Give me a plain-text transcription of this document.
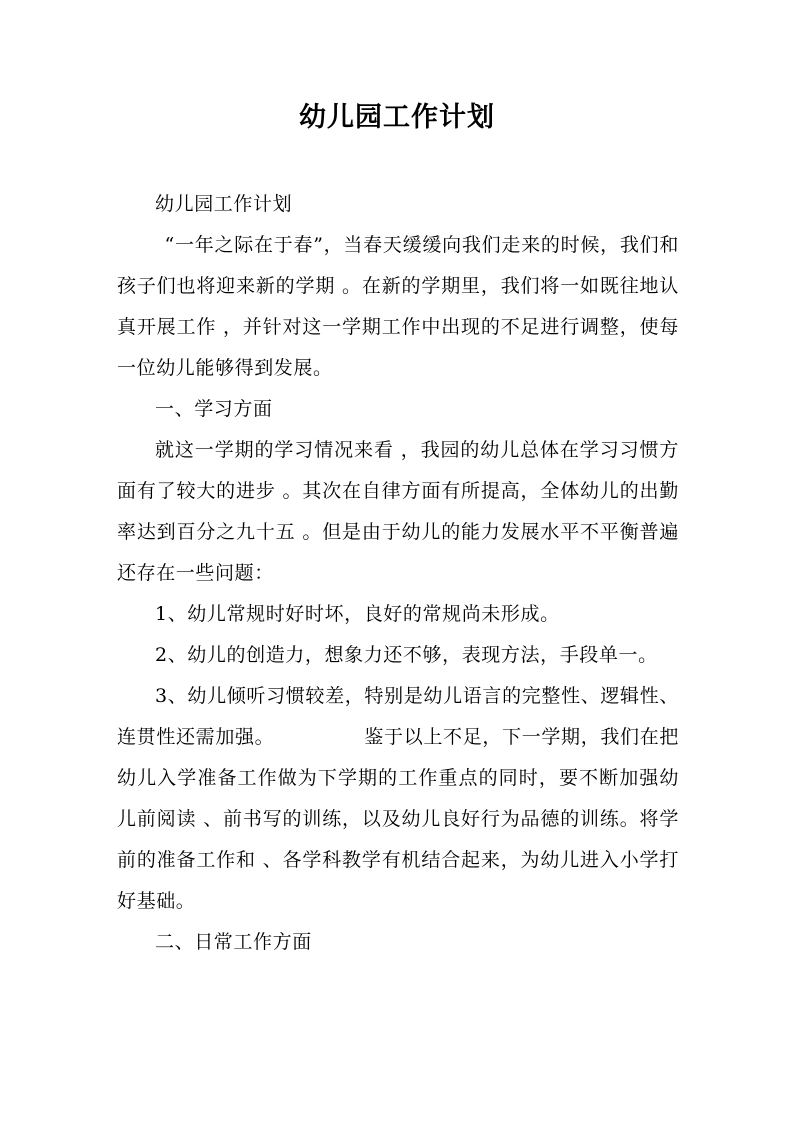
幼儿园工作计划

幼儿园工作计划

“一年之际在于春”，当春天缓缓向我们走来的时候，我们和孩子们也将迎来新的学期 。在新的学期里，我们将一如既往地认真开展工作 ，并针对这一学期工作中出现的不足进行调整，使每一位幼儿能够得到发展。

一、学习方面

就这一学期的学习情况来看 ，我园的幼儿总体在学习习惯方面有了较大的进步 。其次在自律方面有所提高，全体幼儿的出勤率达到百分之九十五 。但是由于幼儿的能力发展水平不平衡普遍还存在一些问题：

1、幼儿常规时好时坏，良好的常规尚未形成。

2、幼儿的创造力，想象力还不够，表现方法，手段单一。

3、幼儿倾听习惯较差，特别是幼儿语言的完整性、逻辑性、连贯性还需加强。	鉴于以上不足，下一学期，我们在把幼儿入学准备工作做为下学期的工作重点的同时，要不断加强幼儿前阅读 、前书写的训练，以及幼儿良好行为品德的训练。将学前的准备工作和 、各学科教学有机结合起来，为幼儿进入小学打好基础。

二、日常工作方面
